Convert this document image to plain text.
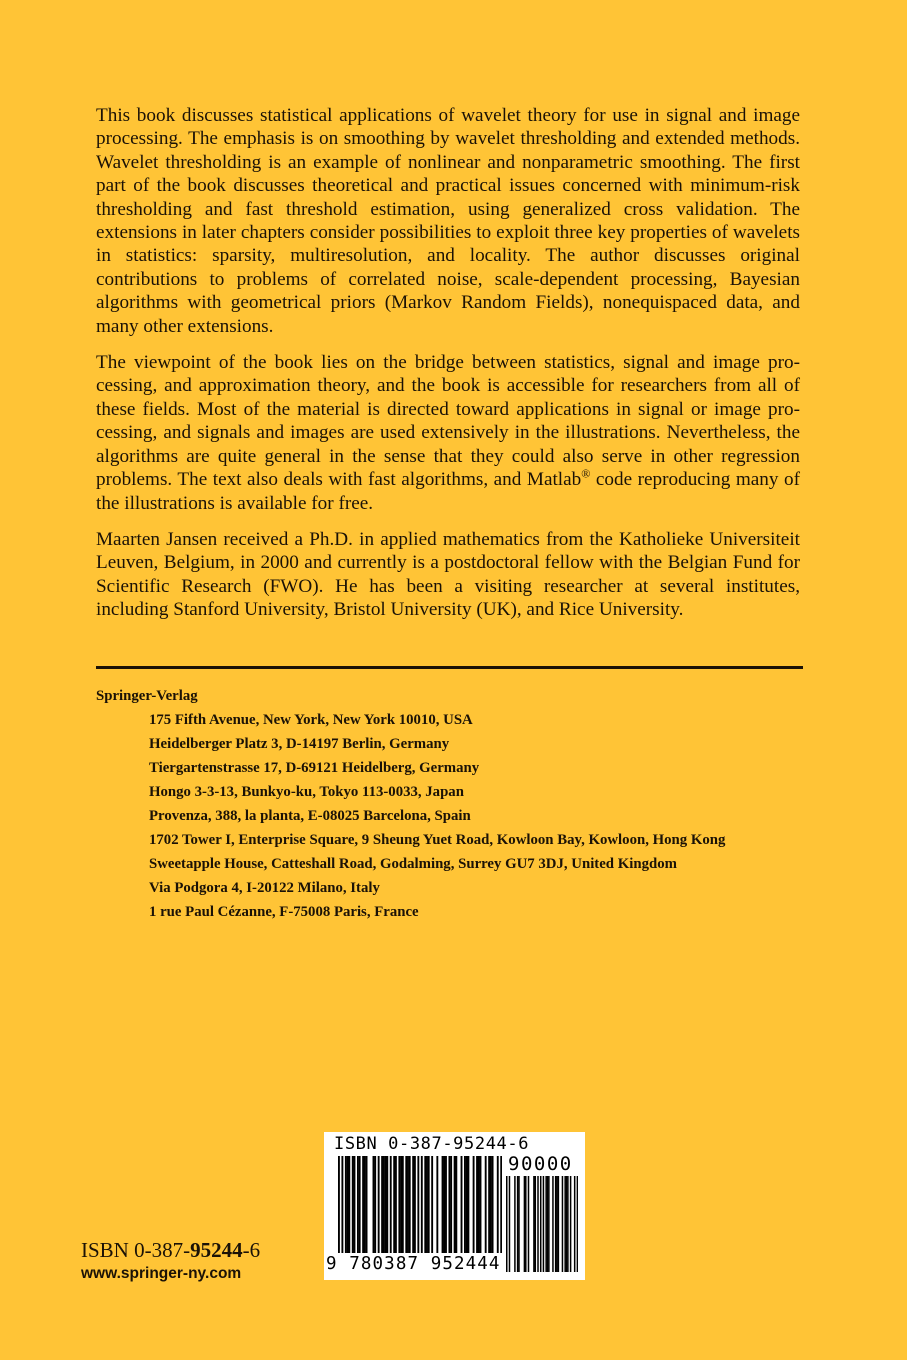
This book discusses statistical applications of wavelet theory for use in signal and image processing. The emphasis is on smoothing by wavelet thresholding and extended methods. Wavelet thresholding is an example of nonlinear and nonparametric smoothing. The first part of the book discusses theoretical and practical issues concerned with minimum-risk thresholding and fast threshold estimation, using generalized cross validation. The extensions in later chapters consider possibilities to exploit three key properties of wavelets in statistics: sparsity, multiresolution, and locality. The author discusses original contributions to problems of correlated noise, scale-dependent processing, Bayesian algorithms with geometrical priors (Markov Random Fields), nonequispaced data, and many other extensions.

The viewpoint of the book lies on the bridge between statistics, signal and image processing, and approximation theory, and the book is accessible for researchers from all of these fields. Most of the material is directed toward applications in signal or image processing, and signals and images are used extensively in the illustrations. Nevertheless, the algorithms are quite general in the sense that they could also serve in other regression problems. The text also deals with fast algorithms, and Matlab® code reproducing many of the illustrations is available for free.

Maarten Jansen received a Ph.D. in applied mathematics from the Katholieke Universiteit Leuven, Belgium, in 2000 and currently is a postdoctoral fellow with the Belgian Fund for Scientific Research (FWO). He has been a visiting researcher at several institutes, including Stanford University, Bristol University (UK), and Rice University.

Springer-Verlag
175 Fifth Avenue, New York, New York 10010, USA
Heidelberger Platz 3, D-14197 Berlin, Germany
Tiergartenstrasse 17, D-69121 Heidelberg, Germany
Hongo 3-3-13, Bunkyo-ku, Tokyo 113-0033, Japan
Provenza, 388, la planta, E-08025 Barcelona, Spain
1702 Tower I, Enterprise Square, 9 Sheung Yuet Road, Kowloon Bay, Kowloon, Hong Kong
Sweetapple House, Catteshall Road, Godalming, Surrey GU7 3DJ, United Kingdom
Via Podgora 4, I-20122 Milano, Italy
1 rue Paul Cézanne, F-75008 Paris, France
ISBN 0-387-95244-6
www.springer-ny.com
ISBN 0-387-95244-6
90000
9 780387 952444
